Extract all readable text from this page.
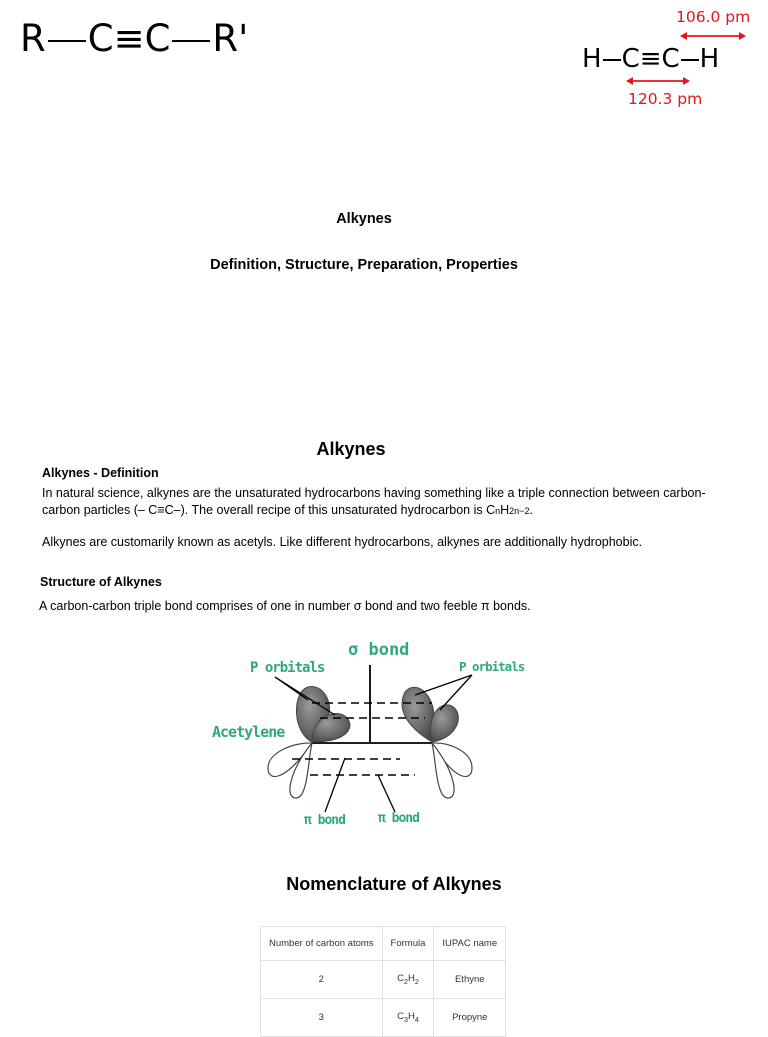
R C≡C R'	106.0 pm
H C≡C H
120.3 pm
Alkynes
Definition, Structure, Preparation, Properties
Alkynes
Alkynes - Definition
In natural science, alkynes are the unsaturated hydrocarbons having something like a triple connection between carbon-carbon particles (– C≡C–). The overall recipe of this unsaturated hydrocarbon is CnH2n−2.
Alkynes are customarily known as acetyls. Like different hydrocarbons, alkynes are additionally hydrophobic.
Structure of Alkynes
A carbon-carbon triple bond comprises of one in number σ bond and two feeble π bonds.
σ bond
P orbitals	P orbitals
Acetylene
π bond	π bond
Nomenclature of Alkynes
Number of carbon atoms	Formula	IUPAC name
2	$C_2H_2$	Ethyne
3	$C_3H_4$	Propyne
